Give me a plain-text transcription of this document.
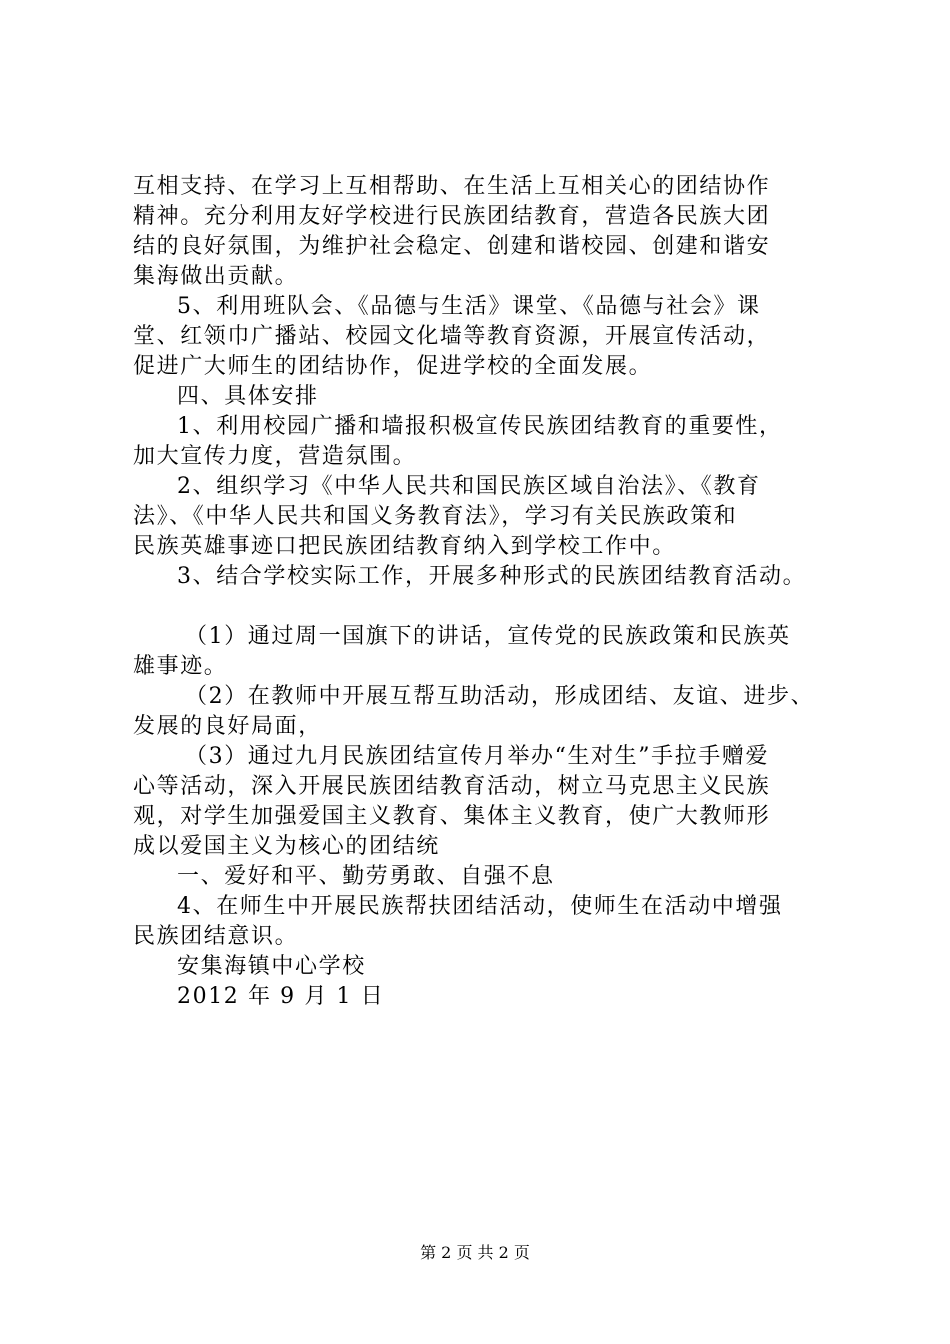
互相支持、在学习上互相帮助、在生活上互相关心的团结协作
精神。充分利用友好学校进行民族团结教育，营造各民族大团
结的良好氛围，为维护社会稳定、创建和谐校园、创建和谐安
集海做出贡献。
5、利用班队会、《品德与生活》课堂、《品德与社会》课
堂、红领巾广播站、校园文化墙等教育资源，开展宣传活动，
促进广大师生的团结协作，促进学校的全面发展。
四、具体安排
1、利用校园广播和墙报积极宣传民族团结教育的重要性，
加大宣传力度，营造氛围。
2、组织学习《中华人民共和国民族区域自治法》、《教育
法》、《中华人民共和国义务教育法》，学习有关民族政策和
民族英雄事迹口把民族团结教育纳入到学校工作中。
3、结合学校实际工作，开展多种形式的民族团结教育活动。
（1）通过周一国旗下的讲话，宣传党的民族政策和民族英
雄事迹。
（2）在教师中开展互帮互助活动，形成团结、友谊、进步、
发展的良好局面，
（3）通过九月民族团结宣传月举办“生对生”手拉手赠爱
心等活动，深入开展民族团结教育活动，树立马克思主义民族
观，对学生加强爱国主义教育、集体主义教育，使广大教师形
成以爱国主义为核心的团结统
一、爱好和平、勤劳勇敢、自强不息
4、在师生中开展民族帮扶团结活动，使师生在活动中增强
民族团结意识。
安集海镇中心学校
2012 年 9 月 1 日
第 2 页 共 2 页
